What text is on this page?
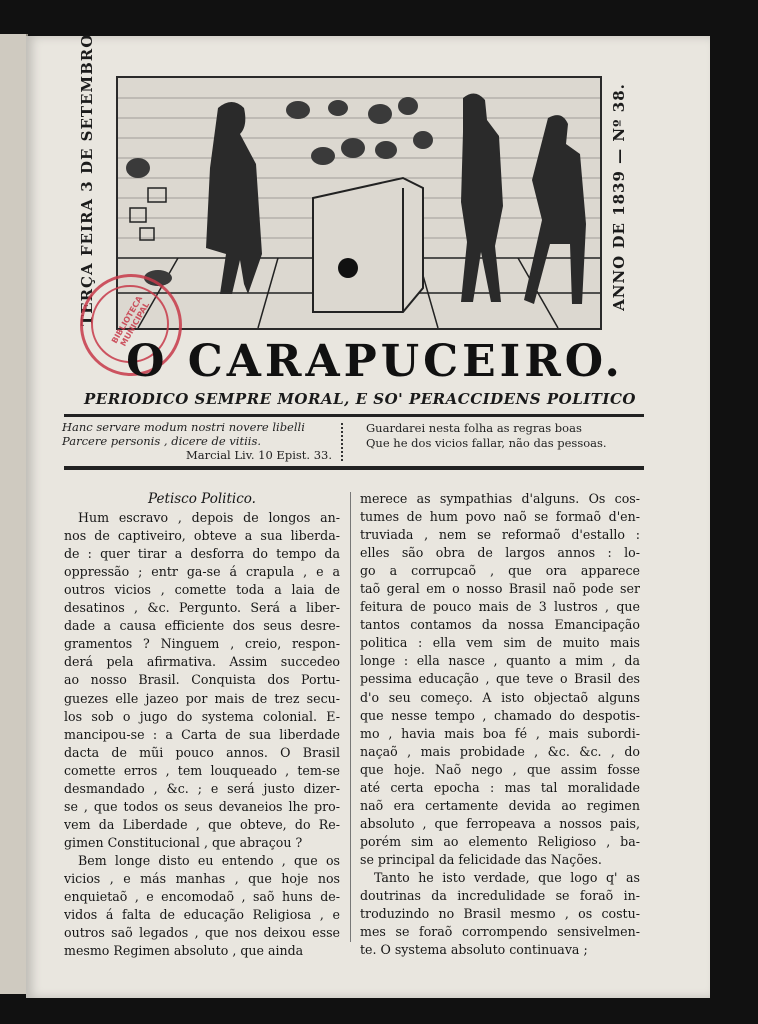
TERÇA FEIRA 3 DE SETEMBRO	ANNO DE 1839 — Nº 38.
BIBLIOTECA MUNICIPAL
O CARAPUCEIRO.
PERIODICO SEMPRE MORAL, E SO' PERACCIDENS POLITICO
Hanc servare modum nostri novere libelli
Parcere personis , dicere de vitiis.
Marcial Liv. 10 Epist. 33.
Guardarei nesta folha as regras boas
Que he dos vicios fallar, não das pessoas.
Petisco Politico.
Hum escravo , depois de longos an-
nos de captiveiro, obteve a sua liberda-
de : quer tirar a desforra do tempo da
oppressão ; entr ga-se á crapula , e a
outros vicios , comette toda a laia de
desatinos , &c. Pergunto. Será a liber-
dade a causa efficiente dos seus desre-
gramentos ? Ninguem , creio, respon-
derá pela afirmativa. Assim succedeo
ao nosso Brasil. Conquista dos Portu-
guezes elle jazeo por mais de trez secu-
los sob o jugo do systema colonial. E-
mancipou-se : a Carta de sua liberdade
dacta de mũi pouco annos. O Brasil
comette erros , tem louqueado , tem-se
desmandado , &c. ; e será justo dizer-
se , que todos os seus devaneios lhe pro-
vem da Liberdade , que obteve, do Re-
gimen Constitucional , que abraçou ?
Bem longe disto eu entendo , que os
vicios , e más manhas , que hoje nos
enquietaõ , e encomodaõ , saõ huns de-
vidos á falta de educação Religiosa , e
outros saõ legados , que nos deixou esse
mesmo Regimen absoluto , que ainda
merece as sympathias d'alguns. Os cos-
tumes de hum povo naõ se formaõ d'en-
truviada , nem se reformaõ d'estallo :
elles são obra de largos annos : lo-
go a corrupcaõ , que ora apparece
taõ geral em o nosso Brasil naõ pode ser
feitura de pouco mais de 3 lustros , que
tantos contamos da nossa Emancipação
politica : ella vem sim de muito mais
longe : ella nasce , quanto a mim , da
pessima educação , que teve o Brasil des
d'o seu começo. A isto objectaõ alguns
que nesse tempo , chamado do despotis-
mo , havia mais boa fé , mais subordi-
naçaõ , mais probidade , &c. &c. , do
que hoje. Naõ nego , que assim fosse
até certa epocha : mas tal moralidade
naõ era certamente devida ao regimen
absoluto , que ferropeava a nossos pais,
porém sim ao elemento Religioso , ba-
se principal da felicidade das Nações.
Tanto he isto verdade, que logo q' as
doutrinas da incredulidade se foraõ in-
troduzindo no Brasil mesmo , os costu-
mes se foraõ corrompendo sensivelmen-
te. O systema absoluto continuava ;
